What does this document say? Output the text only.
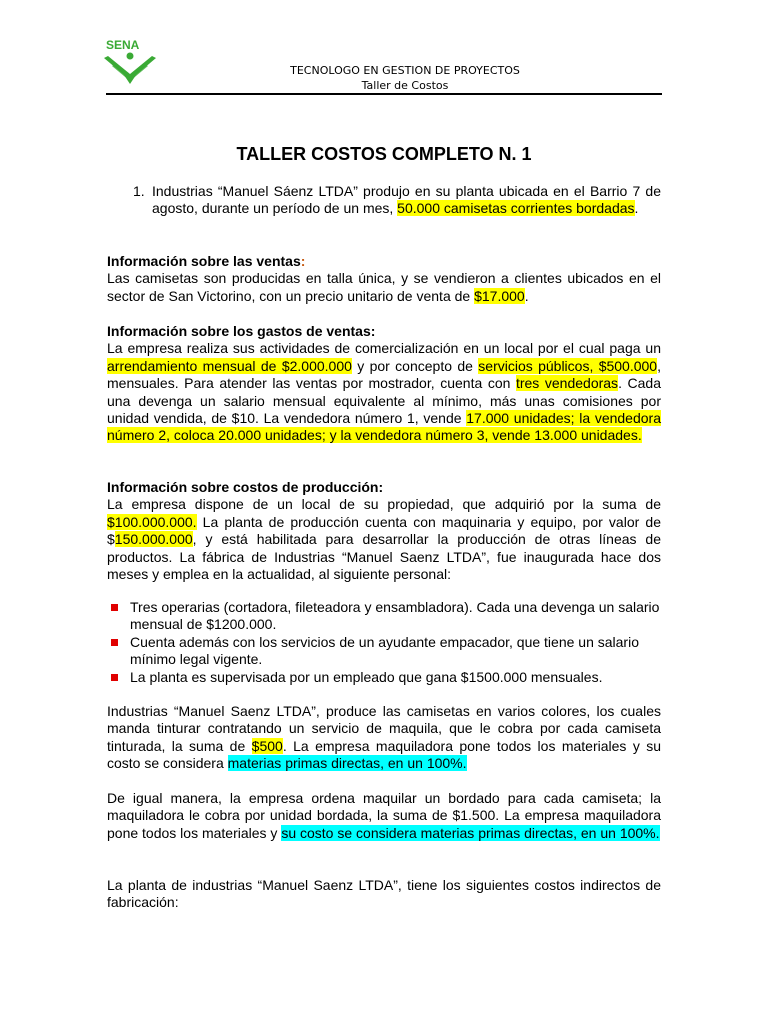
SENA
TECNOLOGO EN GESTION DE PROYECTOS
Taller de Costos
TALLER COSTOS COMPLETO N. 1
1. Industrias “Manuel Sáenz LTDA” produjo en su planta ubicada en el Barrio 7 de agosto, durante un período de un mes, 50.000 camisetas corrientes bordadas.
Información sobre las ventas:
Las camisetas son producidas en talla única, y se vendieron a clientes ubicados en el sector de San Victorino, con un precio unitario de venta de $17.000.
Información sobre los gastos de ventas:
La empresa realiza sus actividades de comercialización en un local por el cual paga un arrendamiento mensual de $2.000.000 y por concepto de servicios públicos, $500.000, mensuales. Para atender las ventas por mostrador, cuenta con tres vendedoras. Cada una devenga un salario mensual equivalente al mínimo, más unas comisiones por unidad vendida, de $10. La vendedora número 1, vende 17.000 unidades; la vendedora número 2, coloca 20.000 unidades; y la vendedora número 3, vende 13.000 unidades.
Información sobre costos de producción:
La empresa dispone de un local de su propiedad, que adquirió por la suma de $100.000.000. La planta de producción cuenta con maquinaria y equipo, por valor de $150.000.000, y está habilitada para desarrollar la producción de otras líneas de productos. La fábrica de Industrias “Manuel Saenz LTDA”, fue inaugurada hace dos meses y emplea en la actualidad, al siguiente personal:
Tres operarias (cortadora, fileteadora y ensambladora). Cada una devenga un salario mensual de $1200.000.
Cuenta además con los servicios de un ayudante empacador, que tiene un salario mínimo legal vigente.
La planta es supervisada por un empleado que gana $1500.000 mensuales.
Industrias “Manuel Saenz LTDA”, produce las camisetas en varios colores, los cuales manda tinturar contratando un servicio de maquila, que le cobra por cada camiseta tinturada, la suma de $500. La empresa maquiladora pone todos los materiales y su costo se considera materias primas directas, en un 100%.
De igual manera, la empresa ordena maquilar un bordado para cada camiseta; la maquiladora le cobra por unidad bordada, la suma de $1.500. La empresa maquiladora pone todos los materiales y su costo se considera materias primas directas, en un 100%.
La planta de industrias “Manuel Saenz LTDA”, tiene los siguientes costos indirectos de fabricación:
